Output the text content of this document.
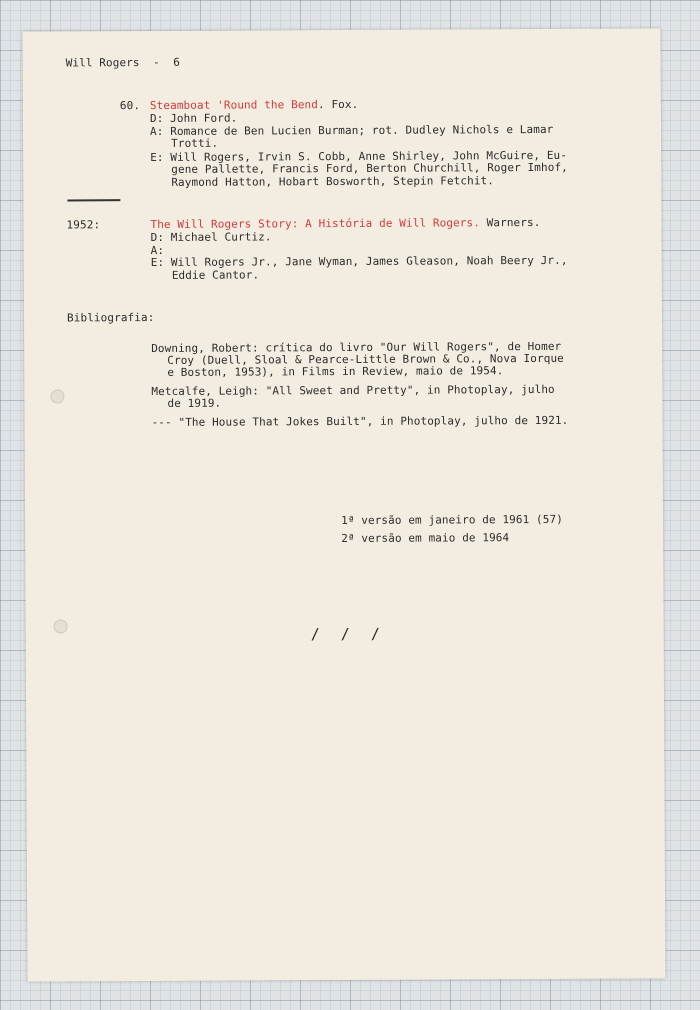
Will Rogers  -  6
60. Steamboat 'Round the Bend. Fox.
D: John Ford.
A: Romance de Ben Lucien Burman; rot. Dudley Nichols e Lamar
Trotti.
E: Will Rogers, Irvin S. Cobb, Anne Shirley, John McGuire, Eu-
gene Pallette, Francis Ford, Berton Churchill, Roger Imhof,
Raymond Hatton, Hobart Bosworth, Stepin Fetchit.
1952:	The Will Rogers Story: A História de Will Rogers. Warners.
D: Michael Curtiz.
A:
E: Will Rogers Jr., Jane Wyman, James Gleason, Noah Beery Jr.,
Eddie Cantor.
Bibliografia:
Downing, Robert: crítica do livro "Our Will Rogers", de Homer
Croy (Duell, Sloal & Pearce-Little Brown & Co., Nova Iorque
e Boston, 1953), in Films in Review, maio de 1954.
Metcalfe, Leigh: "All Sweet and Pretty", in Photoplay, julho
de 1919.
--- "The House That Jokes Built", in Photoplay, julho de 1921.
1ª versão em janeiro de 1961 (57)
2ª versão em maio de 1964
/ / /
